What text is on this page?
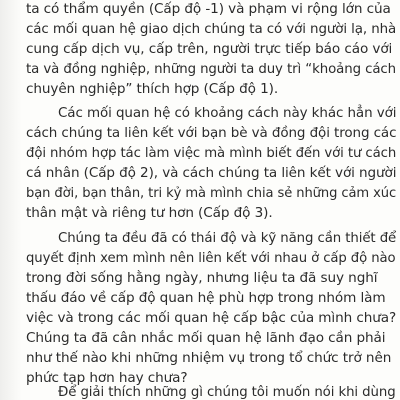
ta có thẩm quyền (Cấp độ -1) và phạm vi rộng lớn của
các mối quan hệ giao dịch chúng ta có với người lạ, nhà
cung cấp dịch vụ, cấp trên, người trực tiếp báo cáo với
ta và đồng nghiệp, những người ta duy trì “khoảng cách
chuyên nghiệp” thích hợp (Cấp độ 1).
Các mối quan hệ có khoảng cách này khác hẳn với
cách chúng ta liên kết với bạn bè và đồng đội trong các
đội nhóm hợp tác làm việc mà mình biết đến với tư cách
cá nhân (Cấp độ 2), và cách chúng ta liên kết với người
bạn đời, bạn thân, tri kỷ mà mình chia sẻ những cảm xúc
thân mật và riêng tư hơn (Cấp độ 3).
Chúng ta đều đã có thái độ và kỹ năng cần thiết để
quyết định xem mình nên liên kết với nhau ở cấp độ nào
trong đời sống hằng ngày, nhưng liệu ta đã suy nghĩ
thấu đáo về cấp độ quan hệ phù hợp trong nhóm làm
việc và trong các mối quan hệ cấp bậc của mình chưa?
Chúng ta đã cân nhắc mối quan hệ lãnh đạo cần phải
như thế nào khi những nhiệm vụ trong tổ chức trở nên
phức tạp hơn hay chưa?
Để giải thích những gì chúng tôi muốn nói khi dùng
